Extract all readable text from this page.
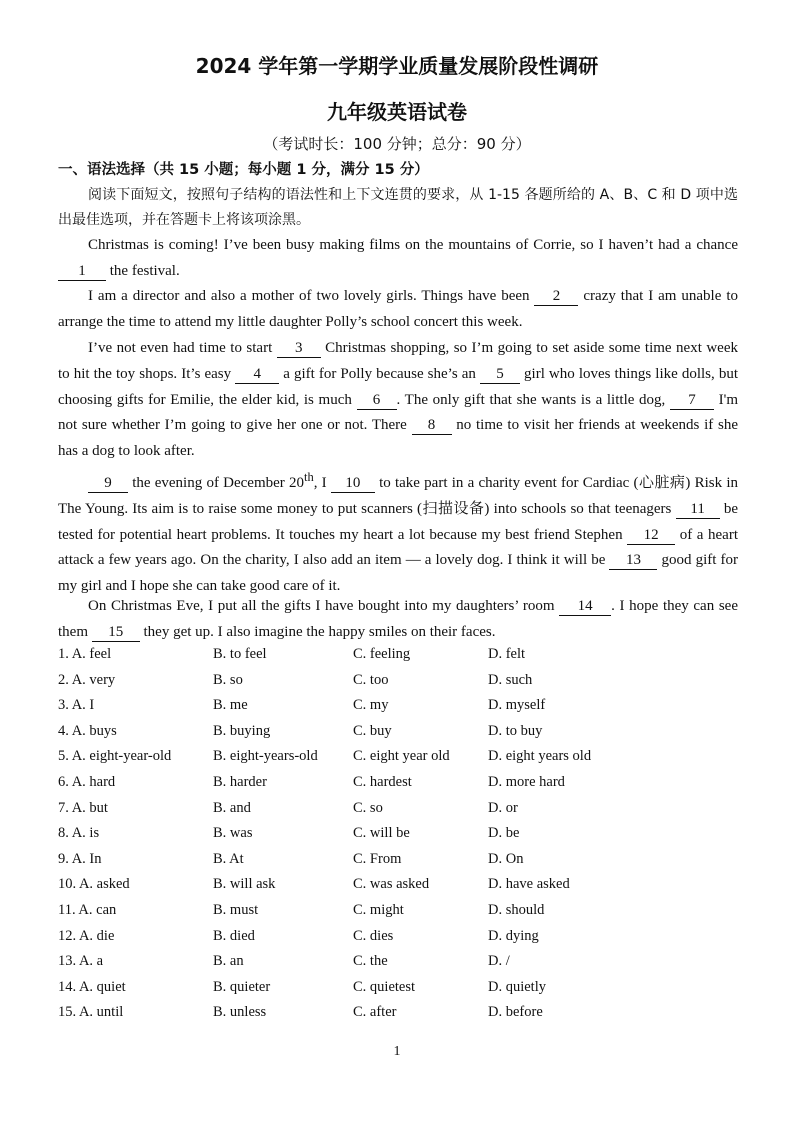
2024 学年第一学期学业质量发展阶段性调研
九年级英语试卷
（考试时长：100 分钟；总分：90 分）
一、语法选择（共 15 小题；每小题 1 分，满分 15 分）

阅读下面短文，按照句子结构的语法性和上下文连贯的要求，从 1-15 各题所给的 A、B、C 和 D 项中选出最佳选项，并在答题卡上将该项涂黑。

Christmas is coming! I’ve been busy making films on the mountains of Corrie, so I haven’t had a chance 1 the festival.

I am a director and also a mother of two lovely girls. Things have been 2 crazy that I am unable to arrange the time to attend my little daughter Polly’s school concert this week.

I’ve not even had time to start 3 Christmas shopping, so I’m going to set aside some time next week to hit the toy shops. It’s easy 4 a gift for Polly because she’s an 5 girl who loves things like dolls, but choosing gifts for Emilie, the elder kid, is much 6 . The only gift that she wants is a little dog, 7 I'm not sure whether I’m going to give her one or not. There 8 no time to visit her friends at weekends if she has a dog to look after.

9 the evening of December 20th, I 10 to take part in a charity event for Cardiac (心脏病) Risk in The Young. Its aim is to raise some money to put scanners (扫描设备) into schools so that teenagers 11 be tested for potential heart problems. It touches my heart a lot because my best friend Stephen 12 of a heart attack a few years ago. On the charity, I also add an item — a lovely dog. I think it will be 13 good gift for my girl and I hope she can take good care of it.

On Christmas Eve, I put all the gifts I have bought into my daughters’ room 14 . I hope they can see them 15 they get up. I also imagine the happy smiles on their faces.

1. A. feel	B. to feel	C. feeling	D. felt
2. A. very	B. so	C. too	D. such
3. A. I	B. me	C. my	D. myself
4. A. buys	B. buying	C. buy	D. to buy
5. A. eight-year-old	B. eight-years-old C. eight year old	D. eight years old
6. A. hard	B. harder	C. hardest	D. more hard
7. A. but	B. and	C. so	D. or
8. A. is	B. was	C. will be	D. be
9. A. In	B. At	C. From	D. On
10. A. asked	B. will ask	C. was asked	D. have asked
11. A. can	B. must	C. might	D. should
12. A. die	B. died	C. dies	D. dying
13. A. a	B. an	C. the	D. /
14. A. quiet	B. quieter	C. quietest	D. quietly
15. A. until	B. unless	C. after	D. before
1
